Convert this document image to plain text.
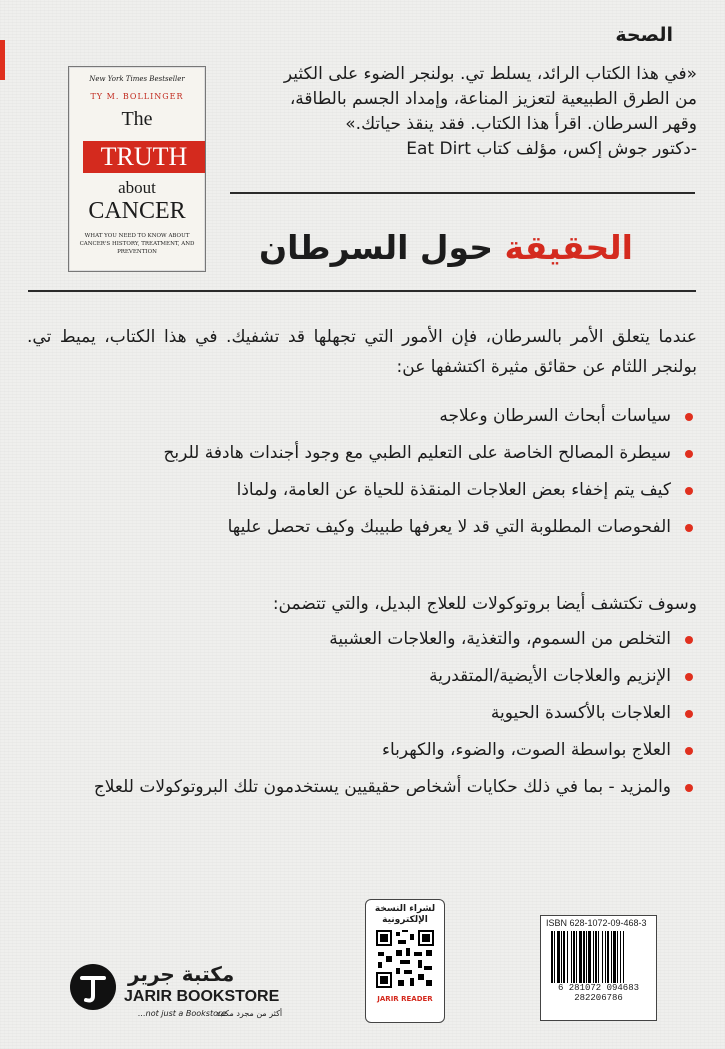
الصحة
«في هذا الكتاب الرائد، يسلط تي. بولنجر الضوء على الكثير
من الطرق الطبيعية لتعزيز المناعة، وإمداد الجسم بالطاقة،
وقهر السرطان. اقرأ هذا الكتاب. فقد ينقذ حياتك.»
-دكتور جوش إكس، مؤلف كتاب Eat Dirt
New York Times Bestseller
TY M. BOLLINGER
The
TRUTH
about
CANCER
WHAT YOU NEED TO KNOW ABOUT CANCER'S HISTORY, TREATMENT, AND PREVENTION	الحقيقة حول السرطان
عندما يتعلق الأمر بالسرطان، فإن الأمور التي تجهلها قد تشفيك. في هذا الكتاب، يميط تي. بولنجر اللثام عن حقائق مثيرة اكتشفها عن:
سياسات أبحاث السرطان وعلاجه
سيطرة المصالح الخاصة على التعليم الطبي مع وجود أجندات هادفة للربح
كيف يتم إخفاء بعض العلاجات المنقذة للحياة عن العامة، ولماذا
الفحوصات المطلوبة التي قد لا يعرفها طبيبك وكيف تحصل عليها
وسوف تكتشف أيضا بروتوكولات للعلاج البديل، والتي تتضمن:
التخلص من السموم، والتغذية، والعلاجات العشبية
الإنزيم والعلاجات الأيضية/المتقدرية
العلاجات بالأكسدة الحيوية
العلاج بواسطة الصوت، والضوء، والكهرباء
والمزيد - بما في ذلك حكايات أشخاص حقيقيين يستخدمون تلك البروتوكولات للعلاج
لشراء النسخة
الإلكترونية
JARIR READER
ISBN 628-1072-09-468-3
6 281072 094683
282206786
مكتبة جرير
JARIR BOOKSTORE
...not just a Bookstore
أكثر من مجرد مكتبة
